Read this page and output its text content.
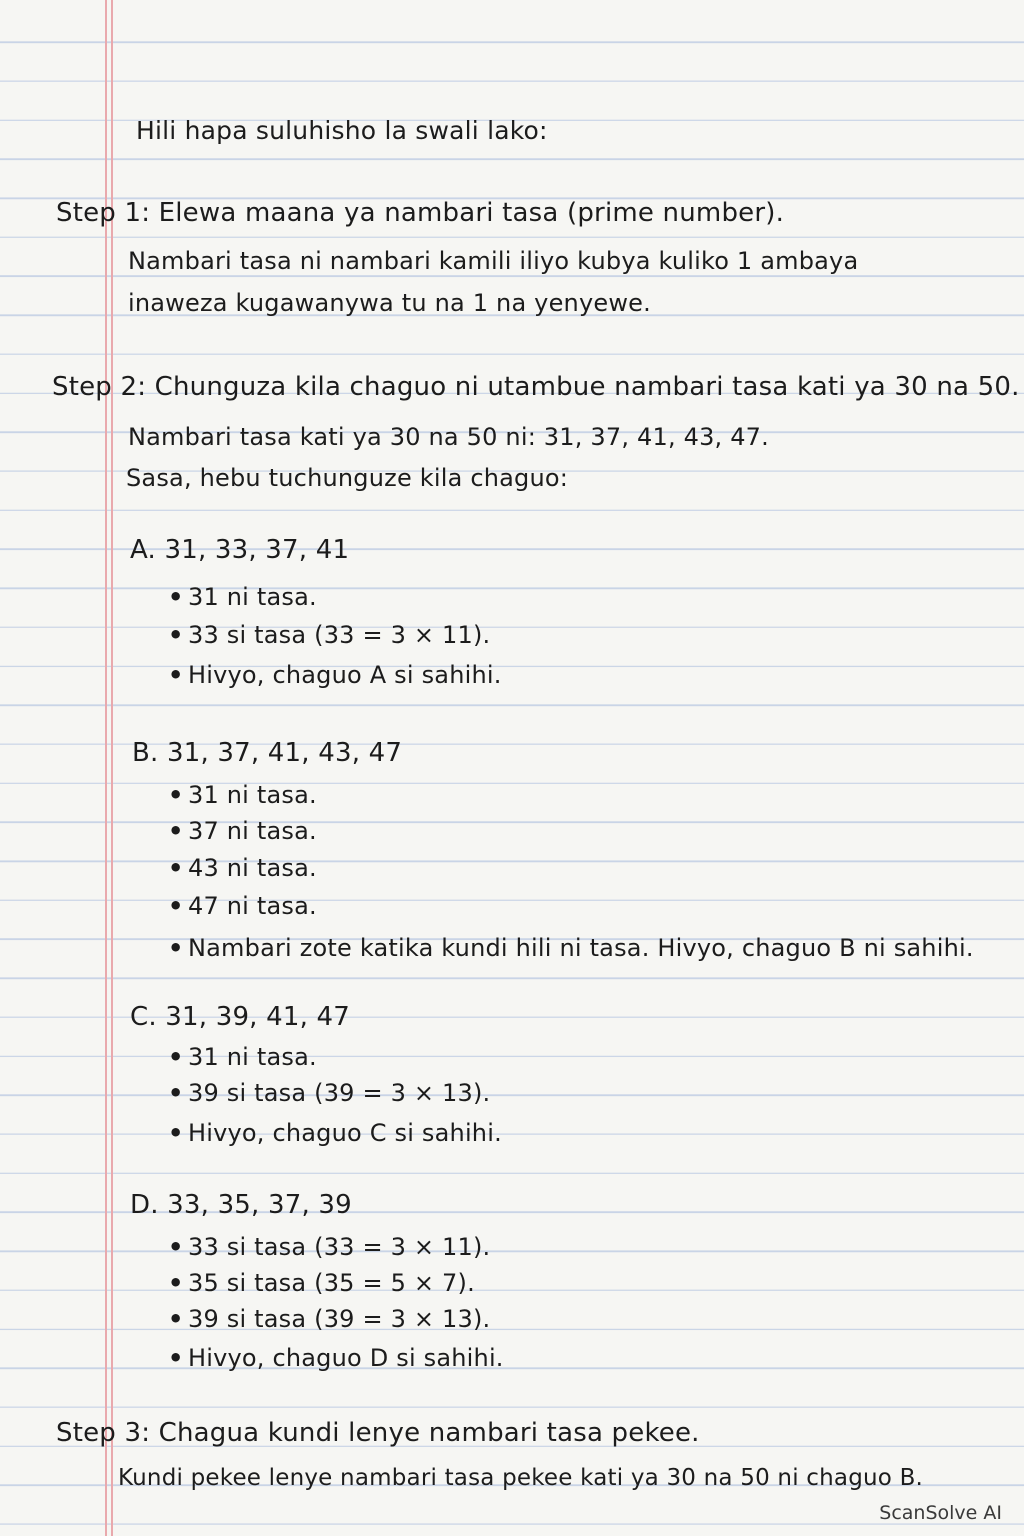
Hili hapa suluhisho la swali lako:
Step 1: Elewa maana ya nambari tasa (prime number).
Nambari tasa ni nambari kamili iliyo kubya kuliko 1 ambaya
inaweza kugawanywa tu na 1 na yenyewe.
Step 2: Chunguza kila chaguo ni utambue nambari tasa kati ya 30 na 50.
Nambari tasa kati ya 30 na 50 ni: 31, 37, 41, 43, 47.
Sasa, hebu tuchunguze kila chaguo:
A. 31, 33, 37, 41
• 31 ni tasa.
• 33 si tasa (33 = 3 × 11).
• Hivyo, chaguo A si sahihi.
B. 31, 37, 41, 43, 47
• 31 ni tasa.
• 37 ni tasa.
• 43 ni tasa.
• 47 ni tasa.
• Nambari zote katika kundi hili ni tasa. Hivyo, chaguo B ni sahihi.
C. 31, 39, 41, 47
• 31 ni tasa.
• 39 si tasa (39 = 3 × 13).
• Hivyo, chaguo C si sahihi.
D. 33, 35, 37, 39
• 33 si tasa (33 = 3 × 11).
• 35 si tasa (35 = 5 × 7).
• 39 si tasa (39 = 3 × 13).
• Hivyo, chaguo D si sahihi.
Step 3: Chagua kundi lenye nambari tasa pekee.
Kundi pekee lenye nambari tasa pekee kati ya 30 na 50 ni chaguo B.
ScanSolve AI
